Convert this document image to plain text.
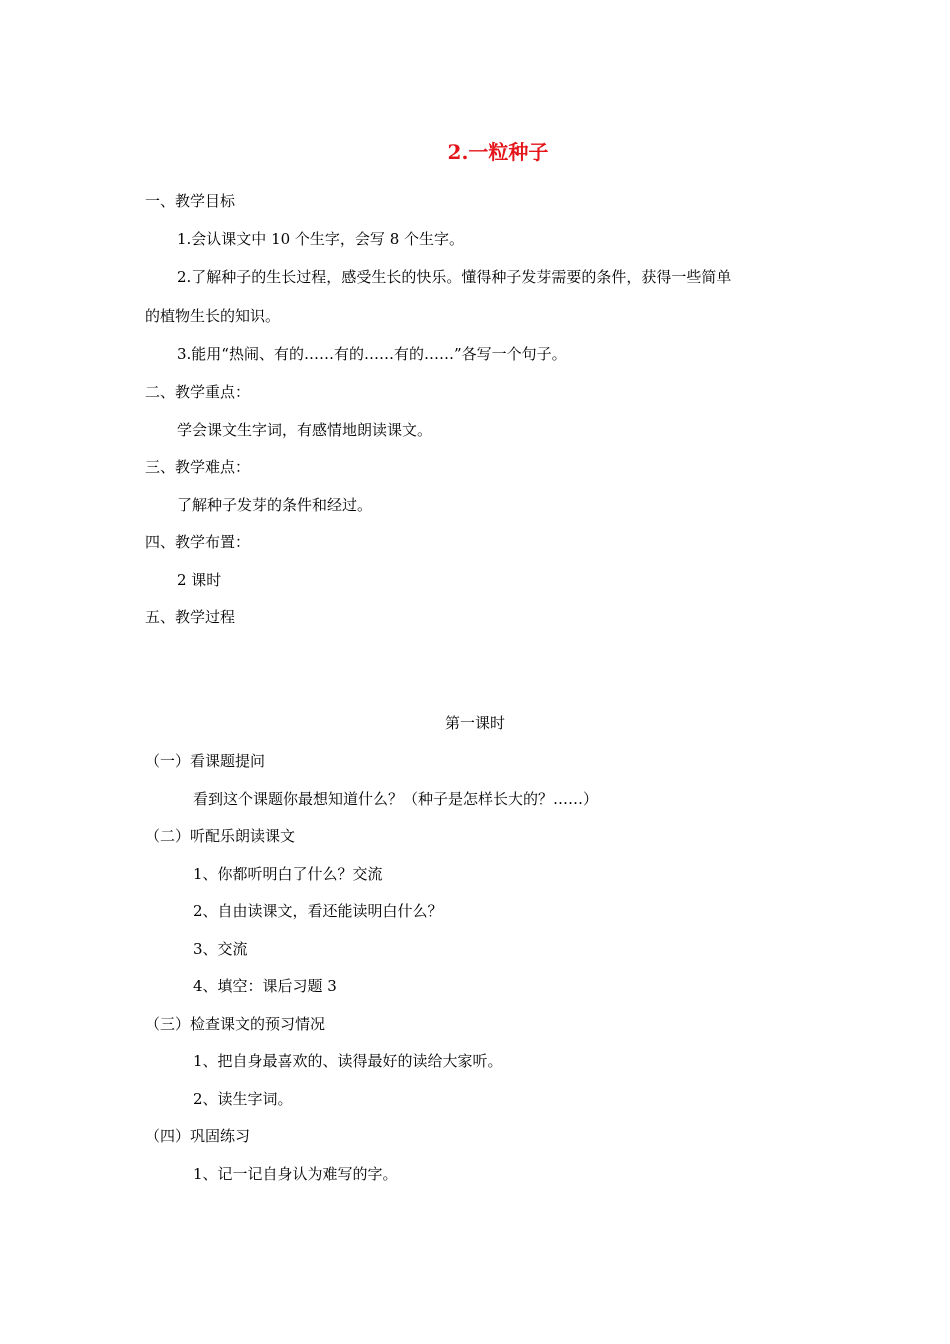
2.一粒种子
一、教学目标
1.会认课文中 10 个生字，会写 8 个生字。
2.了解种子的生长过程，感受生长的快乐。懂得种子发芽需要的条件，获得一些简单
的植物生长的知识。
3.能用“热闹、有的……有的……有的……”各写一个句子。
二、教学重点：
学会课文生字词，有感情地朗读课文。
三、教学难点：
了解种子发芽的条件和经过。
四、教学布置：
2 课时
五、教学过程
第一课时
（一）看课题提问
看到这个课题你最想知道什么？（种子是怎样长大的？……）
（二）听配乐朗读课文
1、你都听明白了什么？交流
2、自由读课文，看还能读明白什么？
3、交流
4、填空：课后习题 3
（三）检查课文的预习情况
1、把自身最喜欢的、读得最好的读给大家听。
2、读生字词。
（四）巩固练习
1、记一记自身认为难写的字。
